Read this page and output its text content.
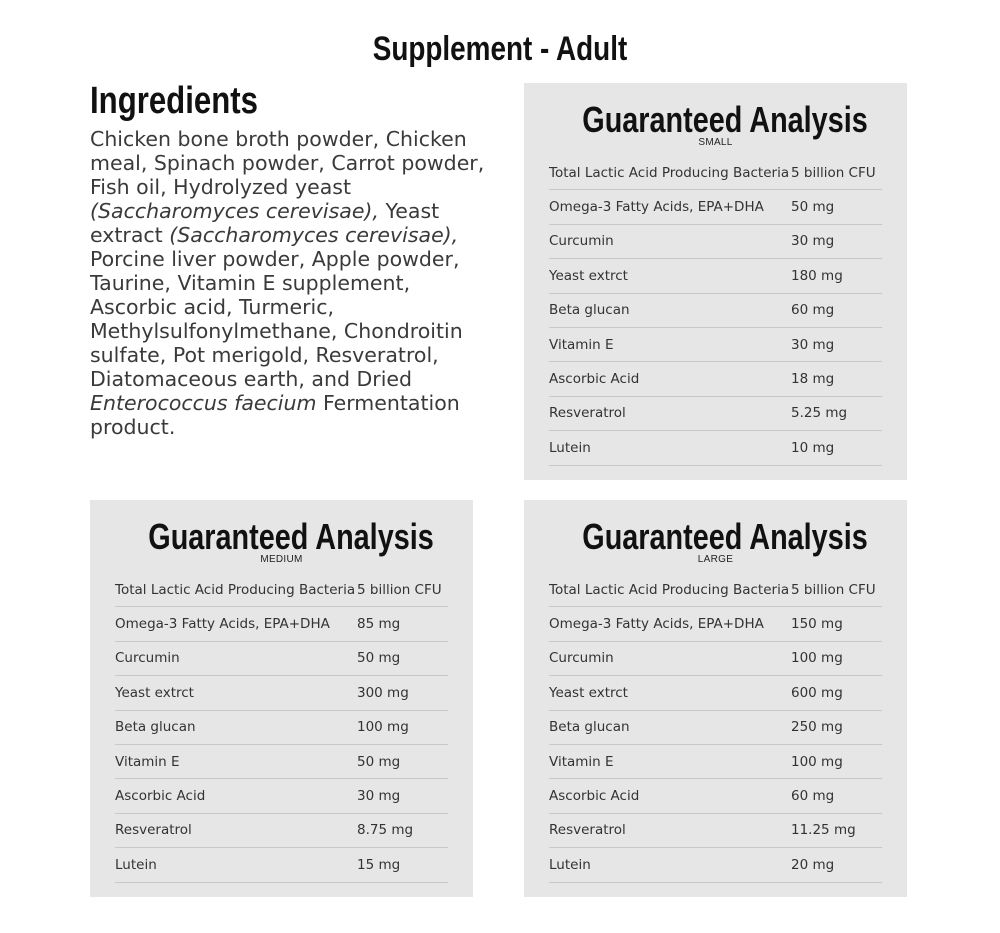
Supplement - Adult
Ingredients
Chicken bone broth powder, Chicken meal, Spinach powder, Carrot powder, Fish oil, Hydrolyzed yeast (Saccharomyces cerevisae), Yeast extract (Saccharomyces cerevisae), Porcine liver powder, Apple powder, Taurine, Vitamin E supplement, Ascorbic acid, Turmeric, Methylsulfonylmethane, Chondroitin sulfate, Pot merigold, Resveratrol, Diatomaceous earth, and Dried Enterococcus faecium Fermentation product.
Guaranteed Analysis
SMALL
Total Lactic Acid Producing Bacteria 5 billion CFU
Omega-3 Fatty Acids, EPA+DHA	50 mg
Curcumin	30 mg
Yeast extrct	180 mg
Beta glucan	60 mg
Vitamin E	30 mg
Ascorbic Acid	18 mg
Resveratrol	5.25 mg
Lutein	10 mg
Guaranteed Analysis
MEDIUM
Total Lactic Acid Producing Bacteria 5 billion CFU
Omega-3 Fatty Acids, EPA+DHA	85 mg
Curcumin	50 mg
Yeast extrct	300 mg
Beta glucan	100 mg
Vitamin E	50 mg
Ascorbic Acid	30 mg
Resveratrol	8.75 mg
Lutein	15 mg
Guaranteed Analysis
LARGE
Total Lactic Acid Producing Bacteria 5 billion CFU
Omega-3 Fatty Acids, EPA+DHA	150 mg
Curcumin	100 mg
Yeast extrct	600 mg
Beta glucan	250 mg
Vitamin E	100 mg
Ascorbic Acid	60 mg
Resveratrol	11.25 mg
Lutein	20 mg
